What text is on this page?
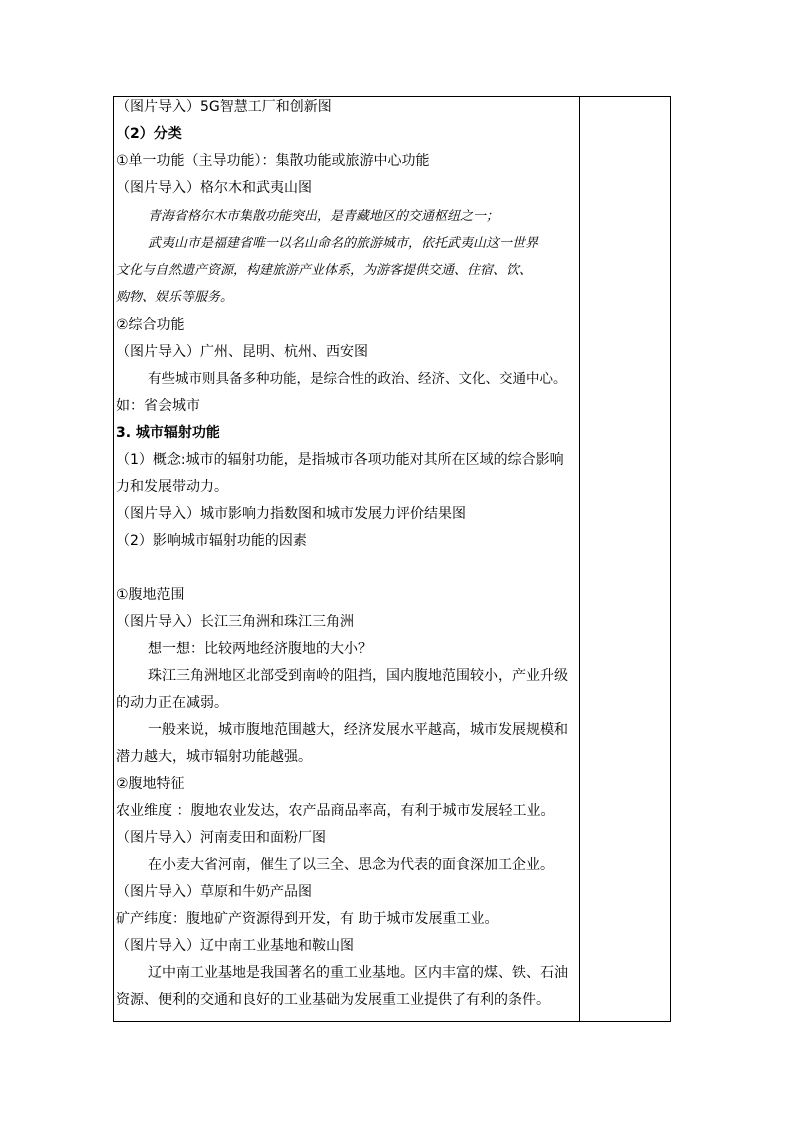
（图片导入）5G智慧工厂和创新图
（2）分类
①单一功能（主导功能）：集散功能或旅游中心功能
（图片导入）格尔木和武夷山图
青海省格尔木市集散功能突出，是青藏地区的交通枢纽之一；
武夷山市是福建省唯一以名山命名的旅游城市，依托武夷山这一世界
文化与自然遗产资源，构建旅游产业体系，为游客提供交通、住宿、饮、
购物、娱乐等服务。
②综合功能
（图片导入）广州、昆明、杭州、西安图
有些城市则具备多种功能，是综合性的政治、经济、文化、交通中心。
如：省会城市
3. 城市辐射功能
（1）概念:城市的辐射功能，是指城市各项功能对其所在区域的综合影响
力和发展带动力。
（图片导入）城市影响力指数图和城市发展力评价结果图
（2）影响城市辐射功能的因素
①腹地范围
（图片导入）长江三角洲和珠江三角洲
想一想：比较两地经济腹地的大小？
珠江三角洲地区北部受到南岭的阻挡，国内腹地范围较小，产业升级
的动力正在减弱。
一般来说，城市腹地范围越大，经济发展水平越高，城市发展规模和
潜力越大，城市辐射功能越强。
②腹地特征
农业维度 ：腹地农业发达，农产品商品率高，有利于城市发展轻工业。
（图片导入）河南麦田和面粉厂图
在小麦大省河南，催生了以三全、思念为代表的面食深加工企业。
（图片导入）草原和牛奶产品图
矿产纬度：腹地矿产资源得到开发，有 助于城市发展重工业。
（图片导入）辽中南工业基地和鞍山图
辽中南工业基地是我国著名的重工业基地。区内丰富的煤、铁、石油
资源、便利的交通和良好的工业基础为发展重工业提供了有利的条件。
